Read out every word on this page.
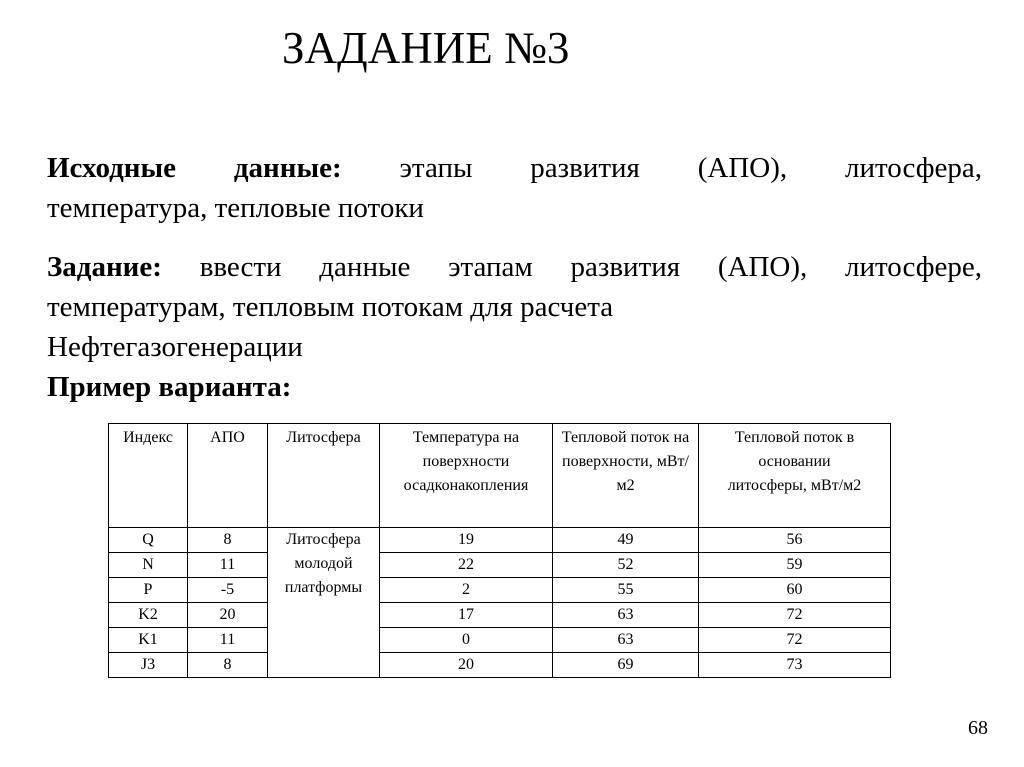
ЗАДАНИЕ №3
Исходные данные: этапы развития (АПО), литосфера,
температура, тепловые потоки
Задание: ввести данные этапам развития (АПО), литосфере,
температурам, тепловым потокам для расчета
Нефтегазогенерации
Пример варианта:
Индекс	АПО	Литосфера	Температура на поверхности осадконакопления	Тепловой поток на поверхности, мВт/м2	Тепловой поток в основании литосферы, мВт/м2

Q	8	Литосфера молодой платформы	19	49	56
N	11		22	52	59
P	-5		2	55	60
K2	20		17	63	72
K1	11		0	63	72
J3	8		20	69	73
68
